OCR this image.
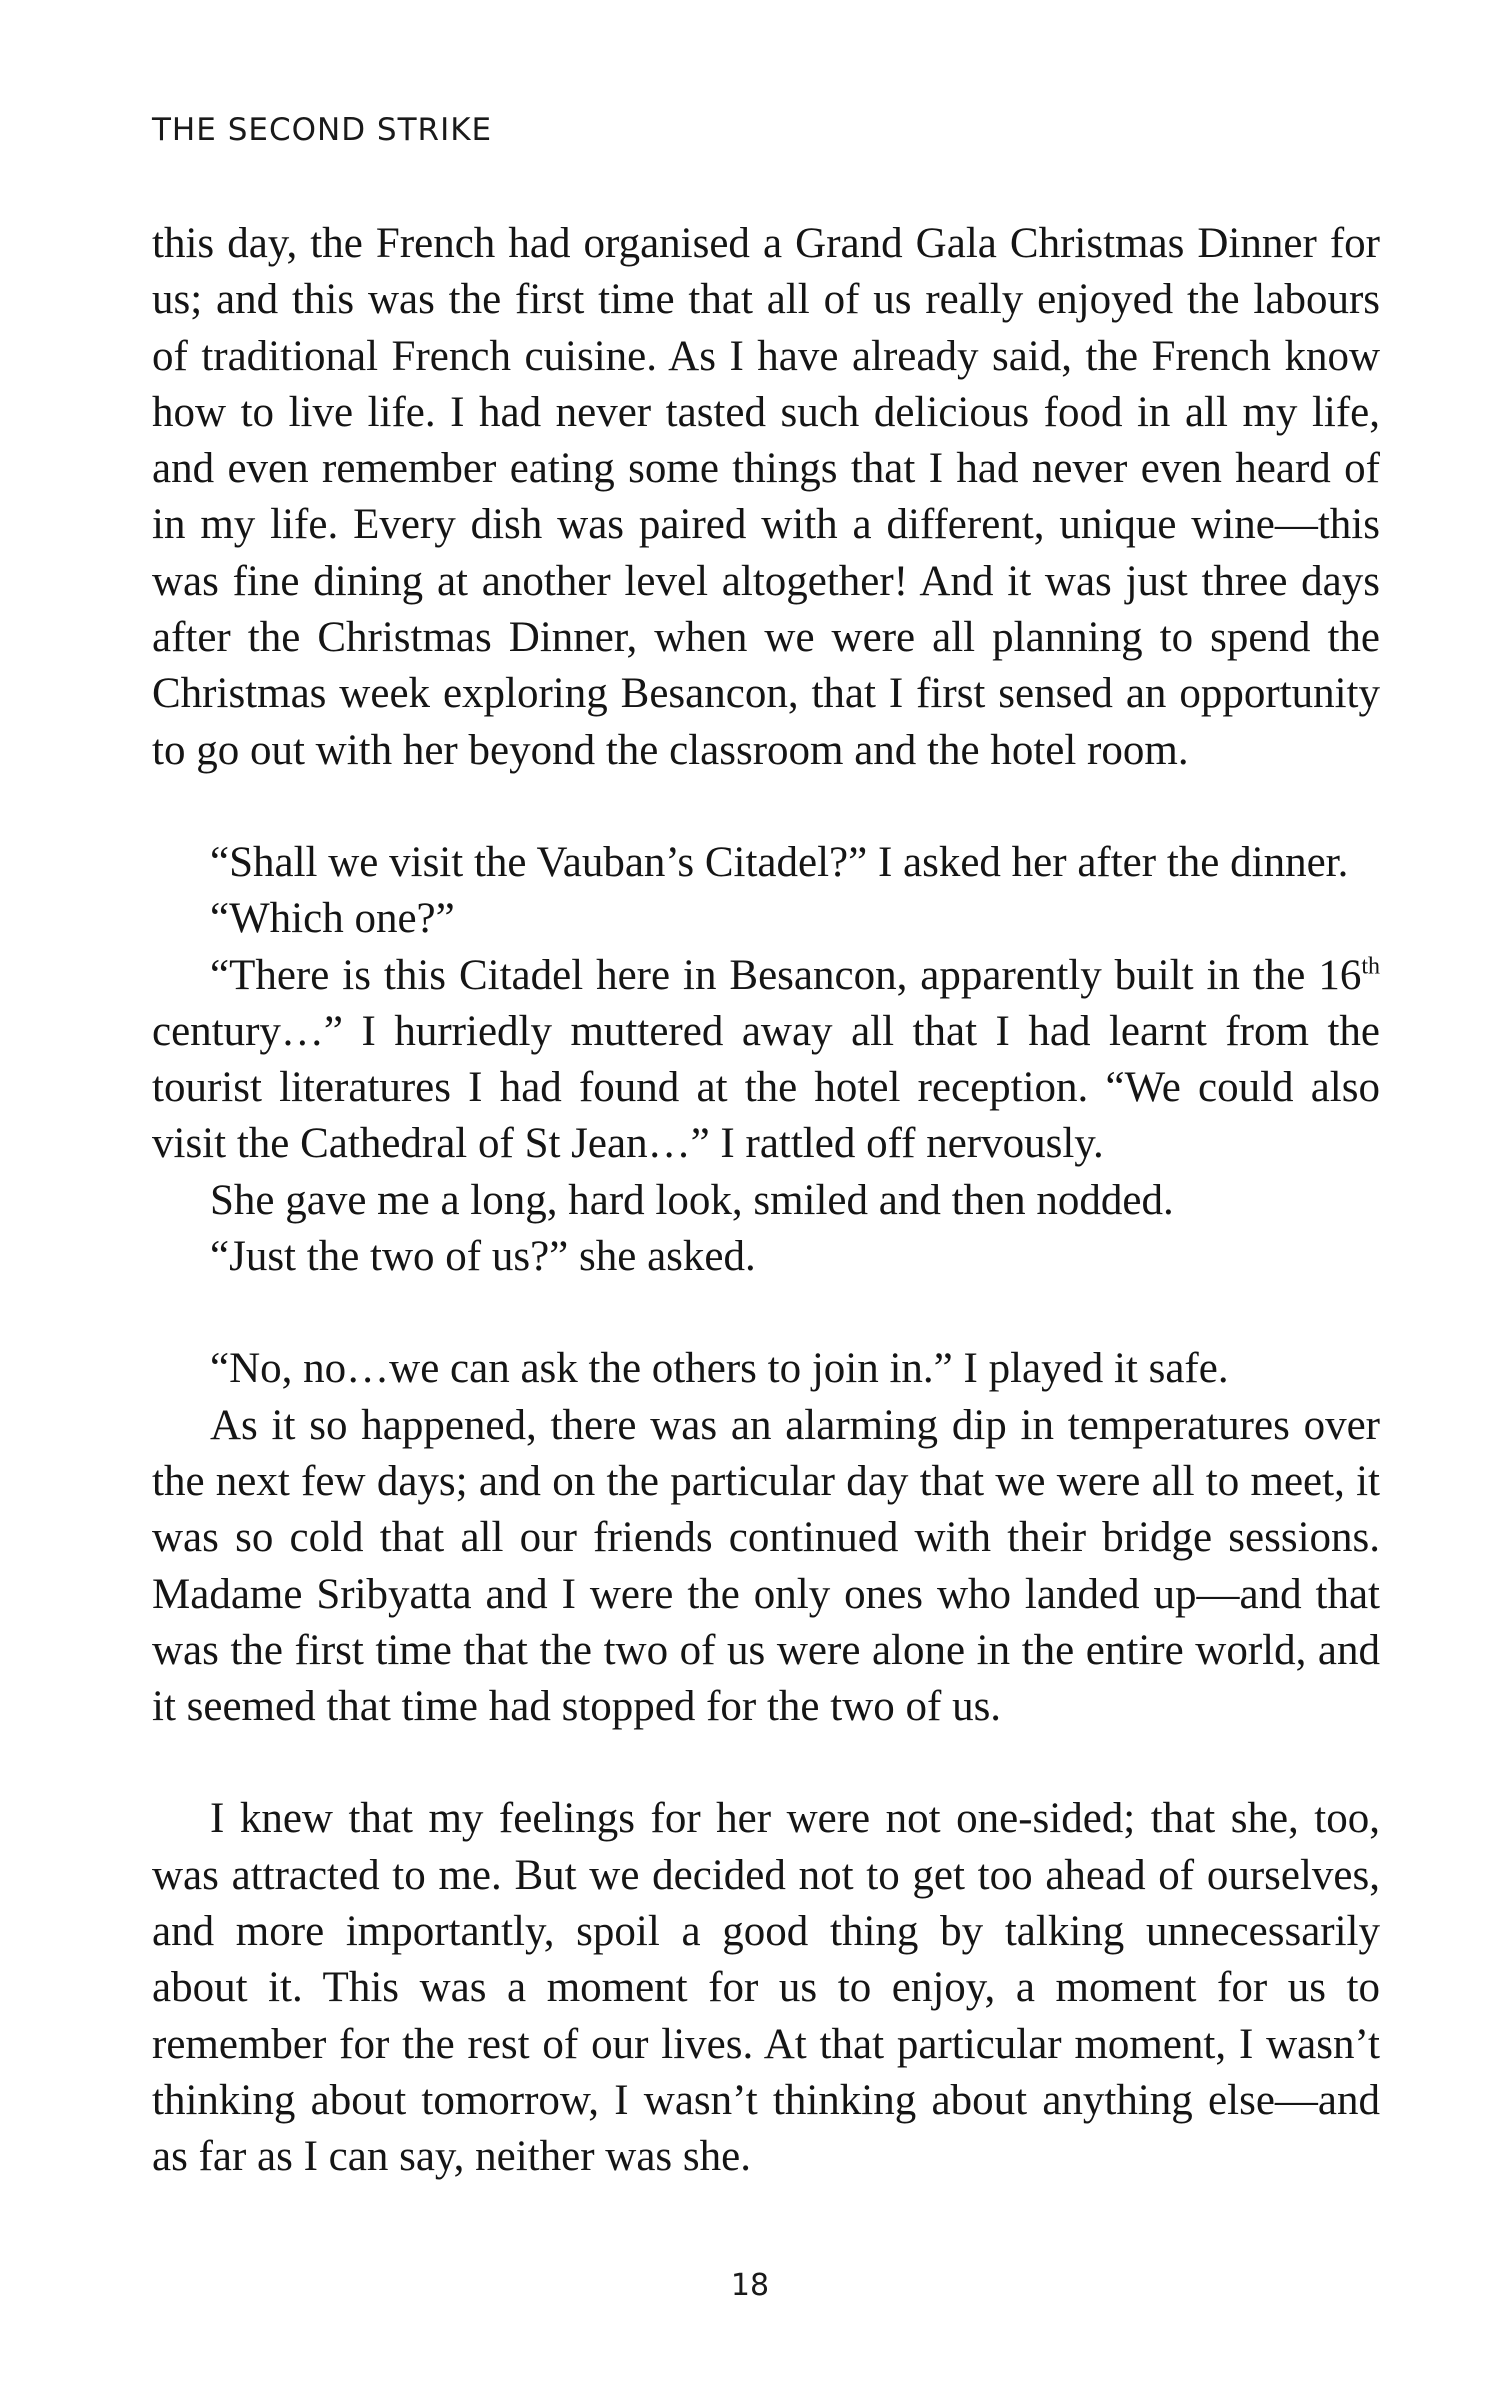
THE SECOND STRIKE

this day, the French had organised a Grand Gala Christmas Dinner for us; and this was the first time that all of us really enjoyed the labours of traditional French cuisine. As I have already said, the French know how to live life. I had never tasted such delicious food in all my life, and even remember eating some things that I had never even heard of in my life. Every dish was paired with a different, unique wine—this was fine dining at another level altogether! And it was just three days after the Christmas Dinner, when we were all planning to spend the Christmas week exploring Besancon, that I first sensed an opportunity to go out with her beyond the classroom and the hotel room.

“Shall we visit the Vauban’s Citadel?” I asked her after the dinner.

“Which one?”

“There is this Citadel here in Besancon, apparently built in the 16th century…” I hurriedly muttered away all that I had learnt from the tourist literatures I had found at the hotel reception. “We could also visit the Cathedral of St Jean…” I rattled off nervously.

She gave me a long, hard look, smiled and then nodded.

“Just the two of us?” she asked.

“No, no…we can ask the others to join in.” I played it safe.

As it so happened, there was an alarming dip in temperatures over the next few days; and on the particular day that we were all to meet, it was so cold that all our friends continued with their bridge sessions. Madame Sribyatta and I were the only ones who landed up—and that was the first time that the two of us were alone in the entire world, and it seemed that time had stopped for the two of us.

I knew that my feelings for her were not one-sided; that she, too, was attracted to me. But we decided not to get too ahead of ourselves, and more importantly, spoil a good thing by talking unnecessarily about it. This was a moment for us to enjoy, a moment for us to remember for the rest of our lives. At that particular moment, I wasn’t thinking about tomorrow, I wasn’t thinking about anything else—and as far as I can say, neither was she.

18
